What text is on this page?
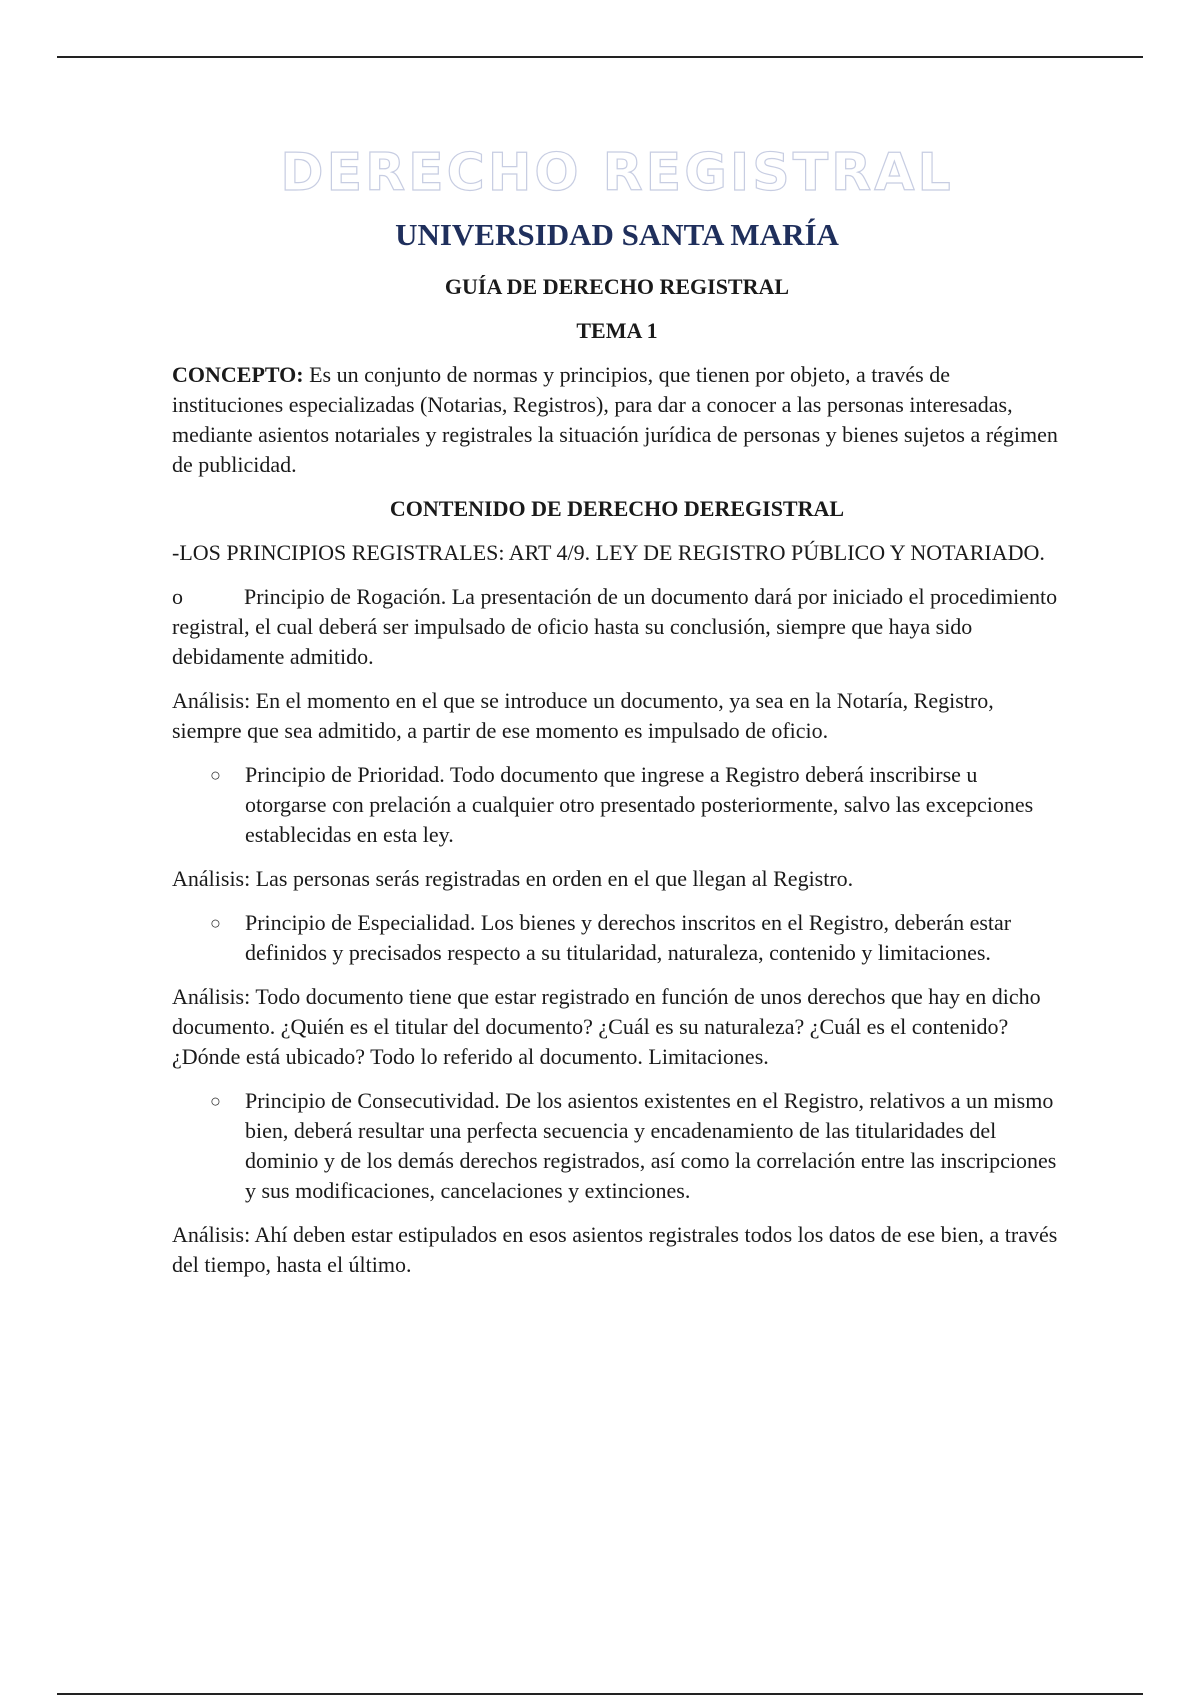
DERECHO REGISTRAL
UNIVERSIDAD SANTA MARÍA
GUÍA DE DERECHO REGISTRAL
TEMA 1

CONCEPTO: Es un conjunto de normas y principios, que tienen por objeto, a través de instituciones especializadas (Notarias, Registros), para dar a conocer a las personas interesadas, mediante asientos notariales y registrales la situación jurídica de personas y bienes sujetos a régimen de publicidad.

CONTENIDO DE DERECHO DEREGISTRAL

-LOS PRINCIPIOS REGISTRALES: ART 4/9. LEY DE REGISTRO PÚBLICO Y NOTARIADO.

o	Principio de Rogación. La presentación de un documento dará por iniciado el procedimiento registral, el cual deberá ser impulsado de oficio hasta su conclusión, siempre que haya sido debidamente admitido.

Análisis: En el momento en el que se introduce un documento, ya sea en la Notaría, Registro, siempre que sea admitido, a partir de ese momento es impulsado de oficio.

○ Principio de Prioridad. Todo documento que ingrese a Registro deberá inscribirse u otorgarse con prelación a cualquier otro presentado posteriormente, salvo las excepciones establecidas en esta ley.

Análisis: Las personas serás registradas en orden en el que llegan al Registro.

○ Principio de Especialidad. Los bienes y derechos inscritos en el Registro, deberán estar definidos y precisados respecto a su titularidad, naturaleza, contenido y limitaciones.

Análisis: Todo documento tiene que estar registrado en función de unos derechos que hay en dicho documento. ¿Quién es el titular del documento? ¿Cuál es su naturaleza? ¿Cuál es el contenido? ¿Dónde está ubicado? Todo lo referido al documento. Limitaciones.

○ Principio de Consecutividad. De los asientos existentes en el Registro, relativos a un mismo bien, deberá resultar una perfecta secuencia y encadenamiento de las titularidades del dominio y de los demás derechos registrados, así como la correlación entre las inscripciones y sus modificaciones, cancelaciones y extinciones.

Análisis: Ahí deben estar estipulados en esos asientos registrales todos los datos de ese bien, a través del tiempo, hasta el último.
